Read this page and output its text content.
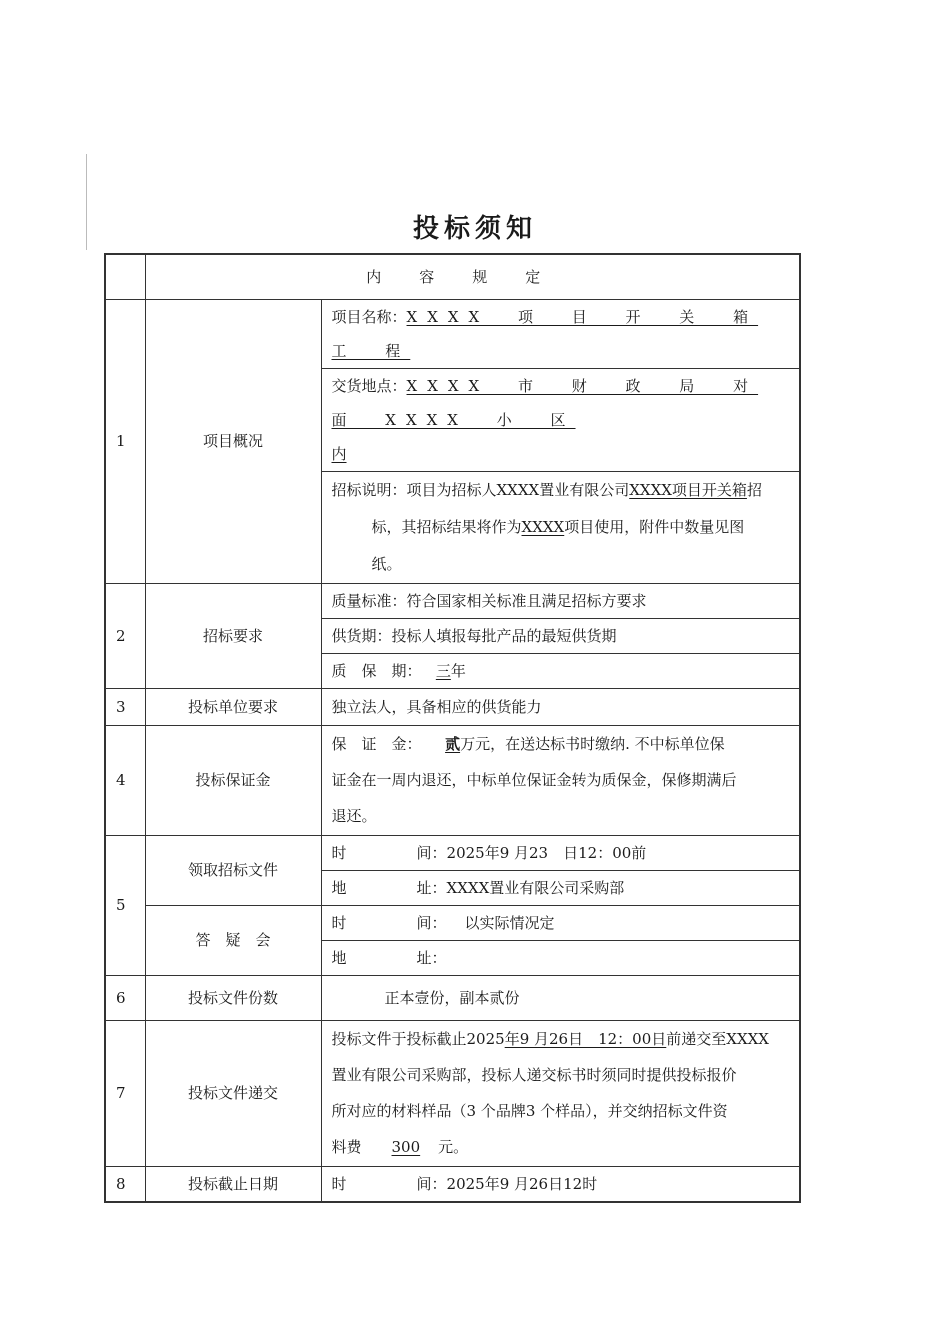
投标须知
	内容规定	
1	项目概况	项目名称：XXXX 项 目 开 关 箱 工 程
		交货地点：XXXX 市 财 政 局 对 面 XXXX 小 区
内
		招标说明：项目为招标人XXXX置业有限公司XXXX项目开关箱招
标，其招标结果将作为XXXX项目使用，附件中数量见图
纸。
2	招标要求	质量标准：符合国家相关标准且满足招标方要求
		供货期：投标人填报每批产品的最短供货期
		质　保　期： 三年
3	投标单位要求	独立法人，具备相应的供货能力
4	投标保证金	保　证　金： 贰万元，在送达标书时缴纳. 不中标单位保
证金在一周内退还，中标单位保证金转为质保金，保修期满后
退还。
5	领取招标文件	时 间：2025年9 月23　日12：00前
		地 址：XXXX置业有限公司采购部
	答　疑　会	时 间： 以实际情况定
		地 址：
6	投标文件份数	正本壹份，副本贰份
7	投标文件递交	投标文件于投标截止2025年9 月26日　12：00日前递交至XXXX
置业有限公司采购部，投标人递交标书时须同时提供投标报价
所对应的材料样品（3 个品牌3 个样品），并交纳招标文件资
料费 300 元。
8	投标截止日期	时 间：2025年9 月26日12时
